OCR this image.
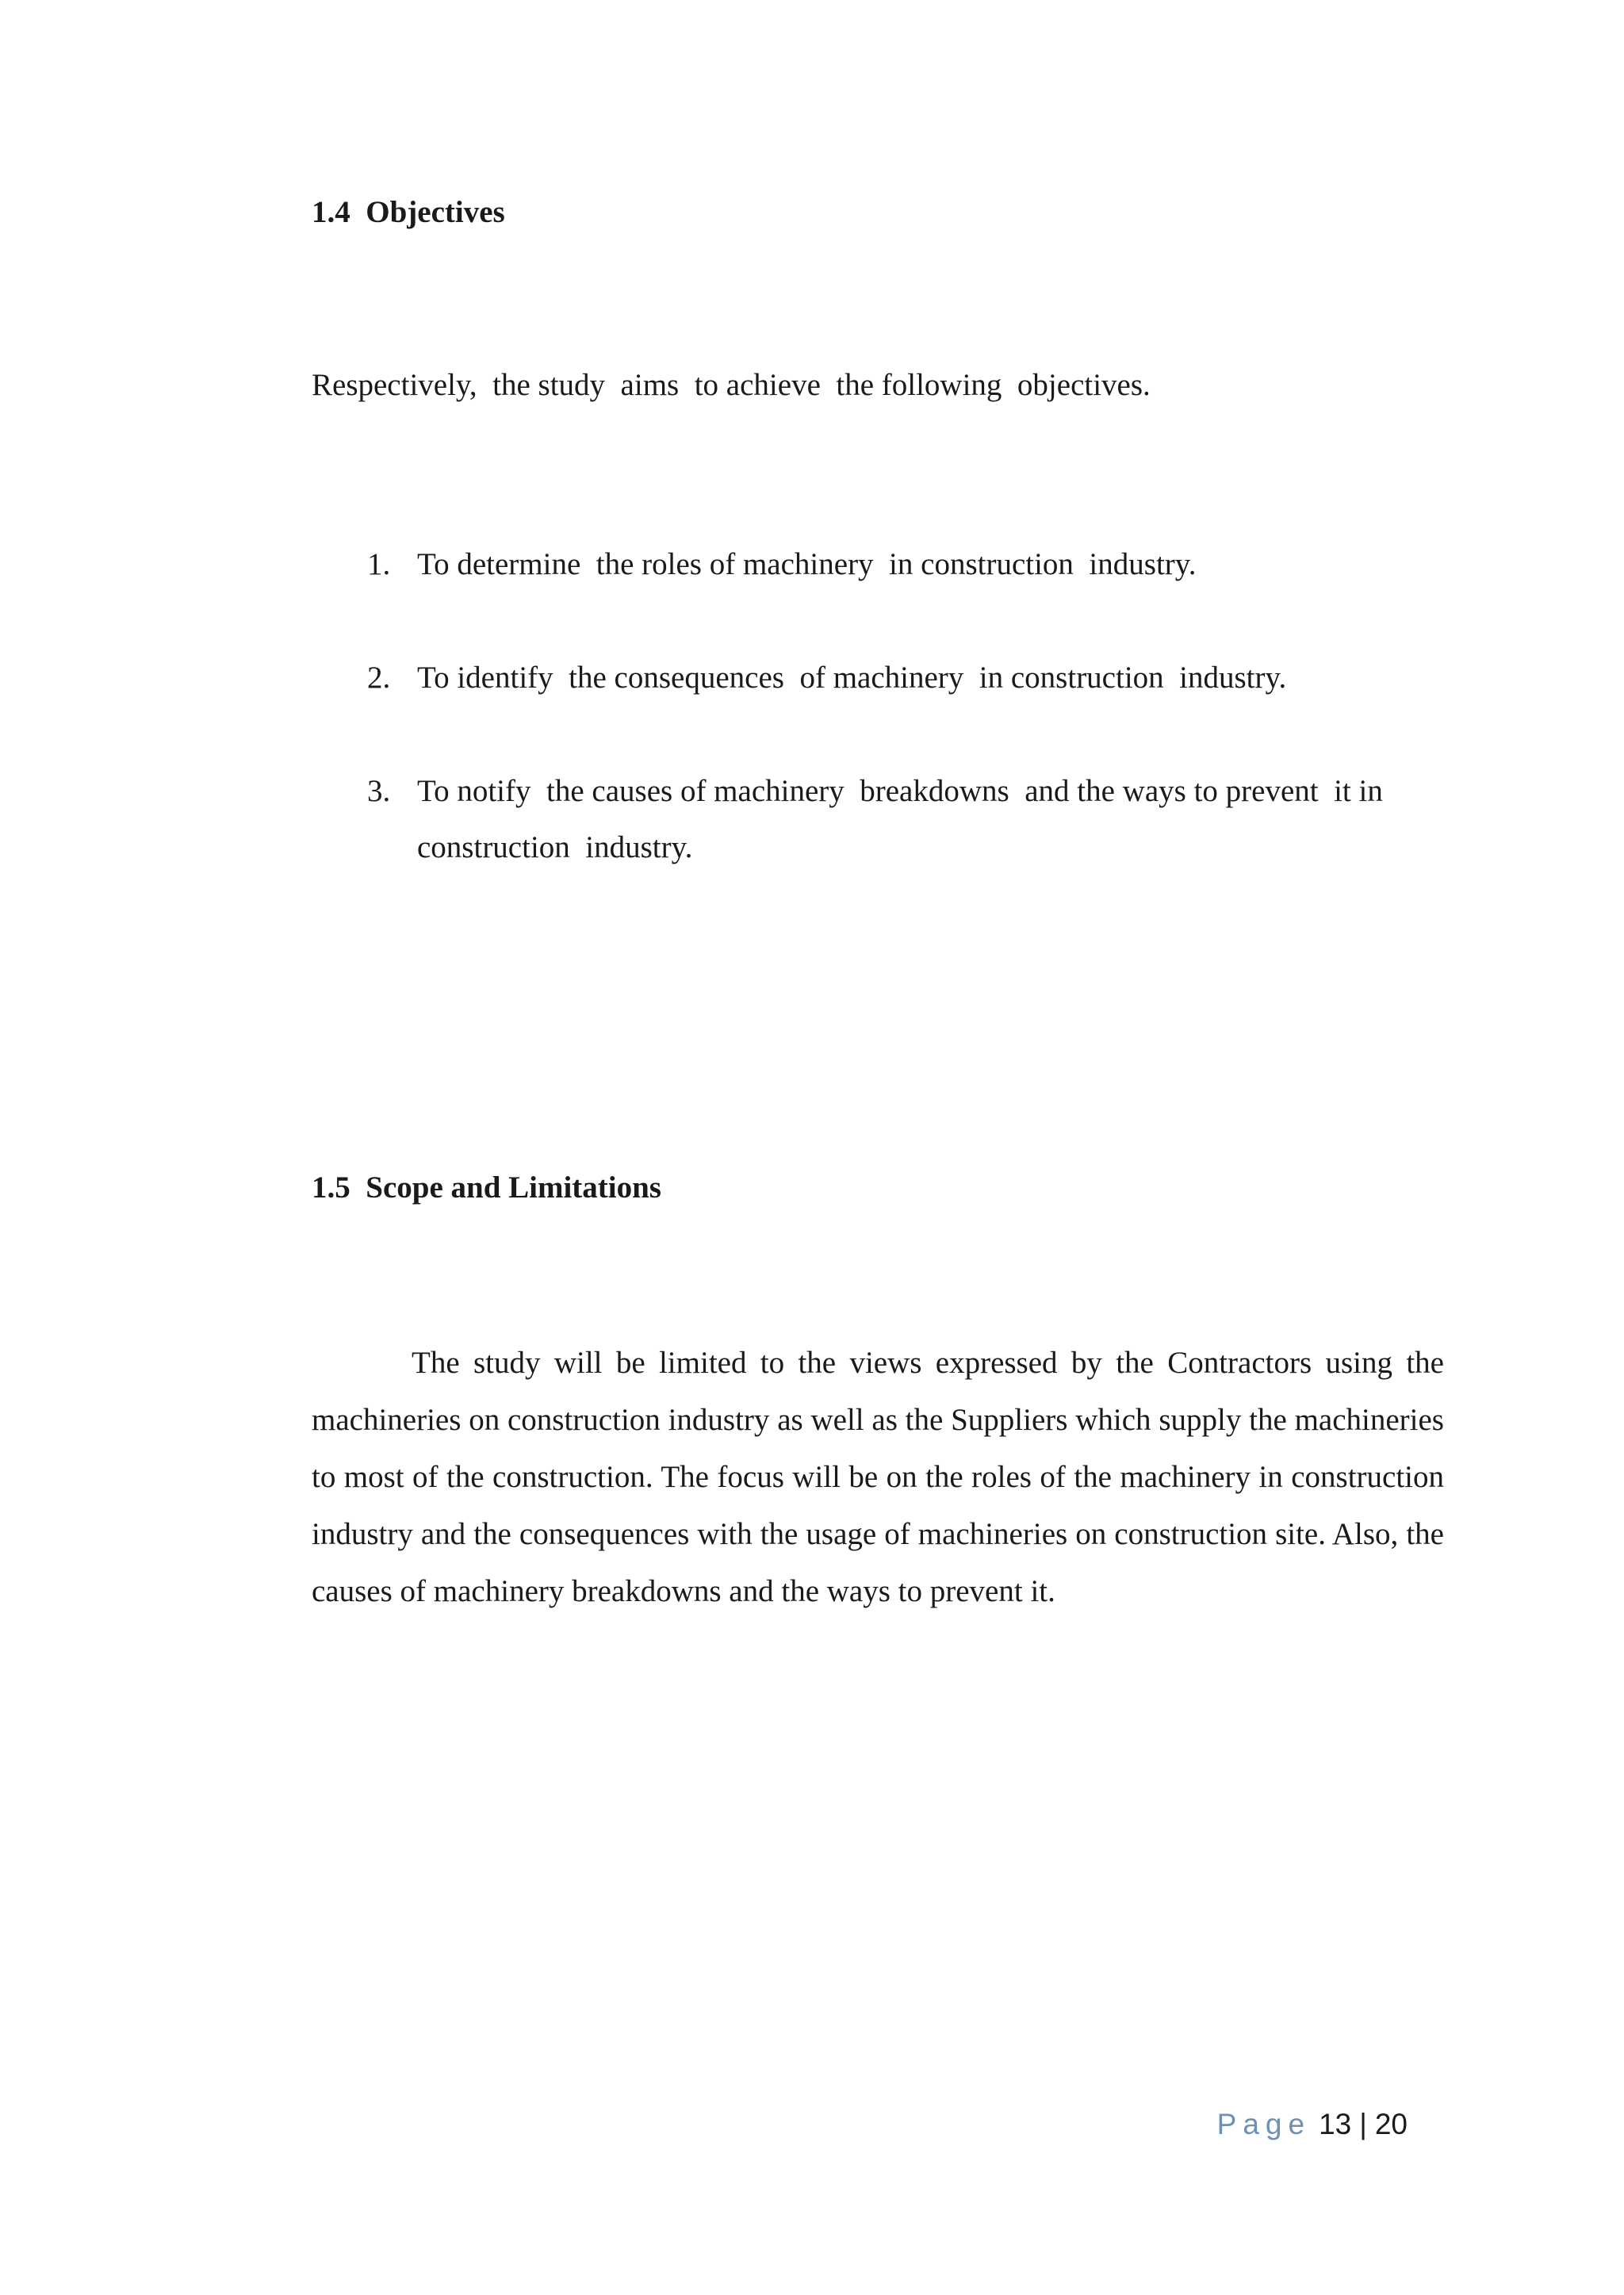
1.4  Objectives

Respectively,  the study  aims  to achieve  the following  objectives.

1. To determine  the roles of machinery  in construction  industry.
2. To identify  the consequences  of machinery  in construction  industry.
3. To notify  the causes of machinery  breakdowns  and the ways to prevent  it in construction  industry.
1.5  Scope and Limitations

The study will be limited to the views expressed by the Contractors using the machineries on construction industry as well as the Suppliers which supply the machineries to most of the construction. The focus will be on the roles of the machinery in construction industry and the consequences with the usage of machineries on construction site. Also, the causes of machinery breakdowns and the ways to prevent it.

Page 13 | 20
